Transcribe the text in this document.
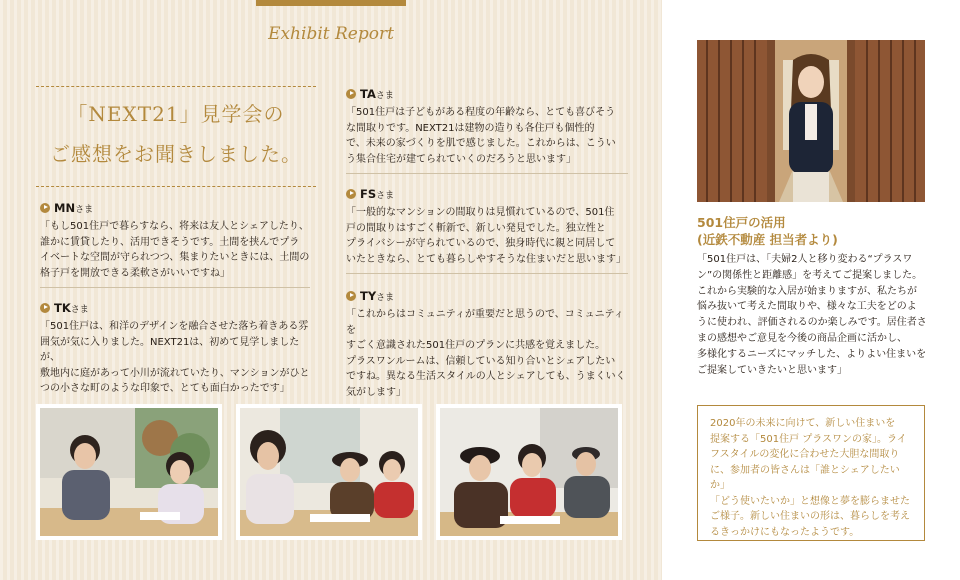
Exhibit Report
「NEXT21」見学会の
ご感想をお聞きしました。
MNさま
「もし501住戸で暮らすなら、将来は友人とシェアしたり、
誰かに賃貸したり、活用できそうです。土間を挟んでプラ
イベートな空間が守られつつ、集まりたいときには、土間の
格子戸を開放できる柔軟さがいいですね」
TKさま
「501住戸は、和洋のデザインを融合させた落ち着きある雰
囲気が気に入りました。NEXT21は、初めて見学しましたが、
敷地内に庭があって小川が流れていたり、マンションがひと
つの小さな町のような印象で、とても面白かったです」
TAさま
「501住戸は子どもがある程度の年齢なら、とても喜びそう
な間取りです。NEXT21は建物の造りも各住戸も個性的
で、未来の家づくりを肌で感じました。これからは、こうい
う集合住宅が建てられていくのだろうと思います」
FSさま
「一般的なマンションの間取りは見慣れているので、501住
戸の間取りはすごく斬新で、新しい発見でした。独立性と
プライバシーが守られているので、独身時代に親と同居して
いたときなら、とても暮らしやすそうな住まいだと思います」
TYさま
「これからはコミュニティが重要だと思うので、コミュニティを
すごく意識された501住戸のプランに共感を覚えました。
プラスワンルームは、信頼している知り合いとシェアしたい
ですね。異なる生活スタイルの人とシェアしても、うまくいく
気がします」
501住戸の活用
(近鉄不動産 担当者より)
「501住戸は、「夫婦2人と移り変わる“プラスワ
ン”の関係性と距離感」を考えてご提案しました。
これから実験的な入居が始まりますが、私たちが
悩み抜いて考えた間取りや、様々な工夫をどのよ
うに使われ、評価されるのか楽しみです。居住者さ
まの感想やご意見を今後の商品企画に活かし、
多様化するニーズにマッチした、よりよい住まいを
ご提案していきたいと思います」
2020年の未来に向けて、新しい住まいを
提案する「501住戸 プラスワンの家」。ライ
フスタイルの変化に合わせた大胆な間取り
に、参加者の皆さんは「誰とシェアしたいか」
「どう使いたいか」と想像と夢を膨らませた
ご様子。新しい住まいの形は、暮らしを考え
るきっかけにもなったようです。
